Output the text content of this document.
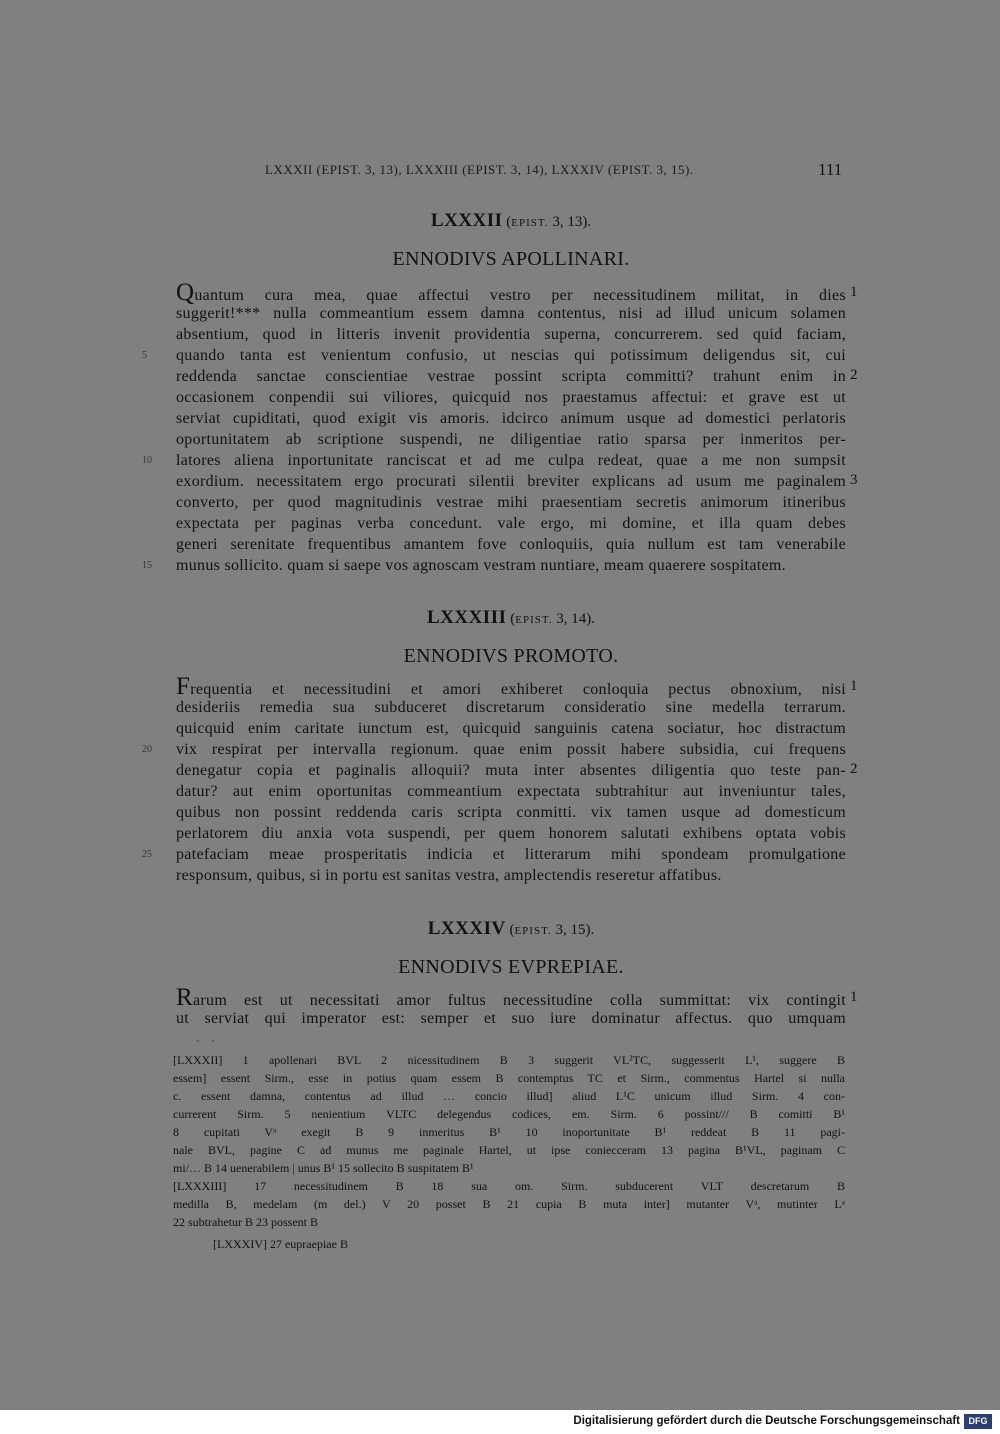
LXXXII (EPIST. 3, 13), LXXXIII (EPIST. 3, 14), LXXXIV (EPIST. 3, 15).	111
LXXXII (EPIST. 3, 13).
ENNODIVS APOLLINARI.
Quantum cura mea, quae affectui vestro per necessitudinem militat, in dies
suggerit!*** nulla commeantium essem damna contentus, nisi ad illud unicum solamen
absentium, quod in litteris invenit providentia superna, concurrerem. sed quid faciam,
quando tanta est venientum confusio, ut nescias qui potissimum deligendus sit, cui
reddenda sanctae conscientiae vestrae possint scripta committi? trahunt enim in
occasionem conpendii sui viliores, quicquid nos praestamus affectui: et grave est ut
serviat cupiditati, quod exigit vis amoris. idcirco animum usque ad domestici perlatoris
oportunitatem ab scriptione suspendi, ne diligentiae ratio sparsa per inmeritos per-
latores aliena inportunitate ranciscat et ad me culpa redeat, quae a me non sumpsit
exordium. necessitatem ergo procurati silentii breviter explicans ad usum me paginalem
converto, per quod magnitudinis vestrae mihi praesentiam secretis animorum itineribus
expectata per paginas verba concedunt. vale ergo, mi domine, et illa quam debes
generi serenitate frequentibus amantem fove conloquiis, quia nullum est tam venerabile
munus sollicito. quam si saepe vos agnoscam vestram nuntiare, meam quaerere sospitatem.
5
10
15
1
2
3
LXXXIII (EPIST. 3, 14).
ENNODIVS PROMOTO.
Frequentia et necessitudini et amori exhiberet conloquia pectus obnoxium, nisi
desideriis remedia sua subduceret discretarum consideratio sine medella terrarum.
quicquid enim caritate iunctum est, quicquid sanguinis catena sociatur, hoc distractum
vix respirat per intervalla regionum. quae enim possit habere subsidia, cui frequens
denegatur copia et paginalis alloquii? muta inter absentes diligentia quo teste pan-
datur? aut enim oportunitas commeantium expectata subtrahitur aut inveniuntur tales,
quibus non possint reddenda caris scripta conmitti. vix tamen usque ad domesticum
perlatorem diu anxia vota suspendi, per quem honorem salutati exhibens optata vobis
patefaciam meae prosperitatis indicia et litterarum mihi spondeam promulgatione
responsum, quibus, si in portu est sanitas vestra, amplectendis reseretur affatibus.
20
25
1
2
LXXXIV (EPIST. 3, 15).
ENNODIVS EVPREPIAE.
Rarum est ut necessitati amor fultus necessitudine colla summittat: vix contingit
ut serviat qui imperator est: semper et suo iure dominatur affectus. quo umquam
1
- -
[LXXXII] 1 apollenari BVL 2 nicessitudinem B 3 suggerit VL²TC, suggesserit L¹, suggere B
essem] essent Sirm., esse in potius quam essem B contemptus TC et Sirm., commentus Hartel si nulla
c. essent damna, contentus ad illud … concio illud] aliud L¹C unicum illud Sirm. 4 con-
currerent Sirm. 5 nenientium VLTC delegendus codices, em. Sirm. 6 possint/// B comitti B¹
8 cupitati Vᵃ exegit B 9 inmeritus B¹ 10 inoportunitate B¹ reddeat B 11 pagi-
nale BVL, pagine C ad munus me paginale Hartel, ut ipse coniecceram 13 pagina B¹VL, paginam C
mi/… B 14 uenerabilem | unus B¹ 15 sollecito B suspitatem B¹
[LXXXIII] 17 necessitudinem B 18 sua om. Sirm. subducerent VLT descretarum B
medilla B, medelam (m del.) V 20 posset B 21 cupia B muta inter] mutanter Vᵃ, mutinter Lᵃ
22 subtrahetur B 23 possent B
[LXXXIV] 27 eupraepiae B
Digitalisierung gefördert durch die Deutsche Forschungsgemeinschaft DFG
